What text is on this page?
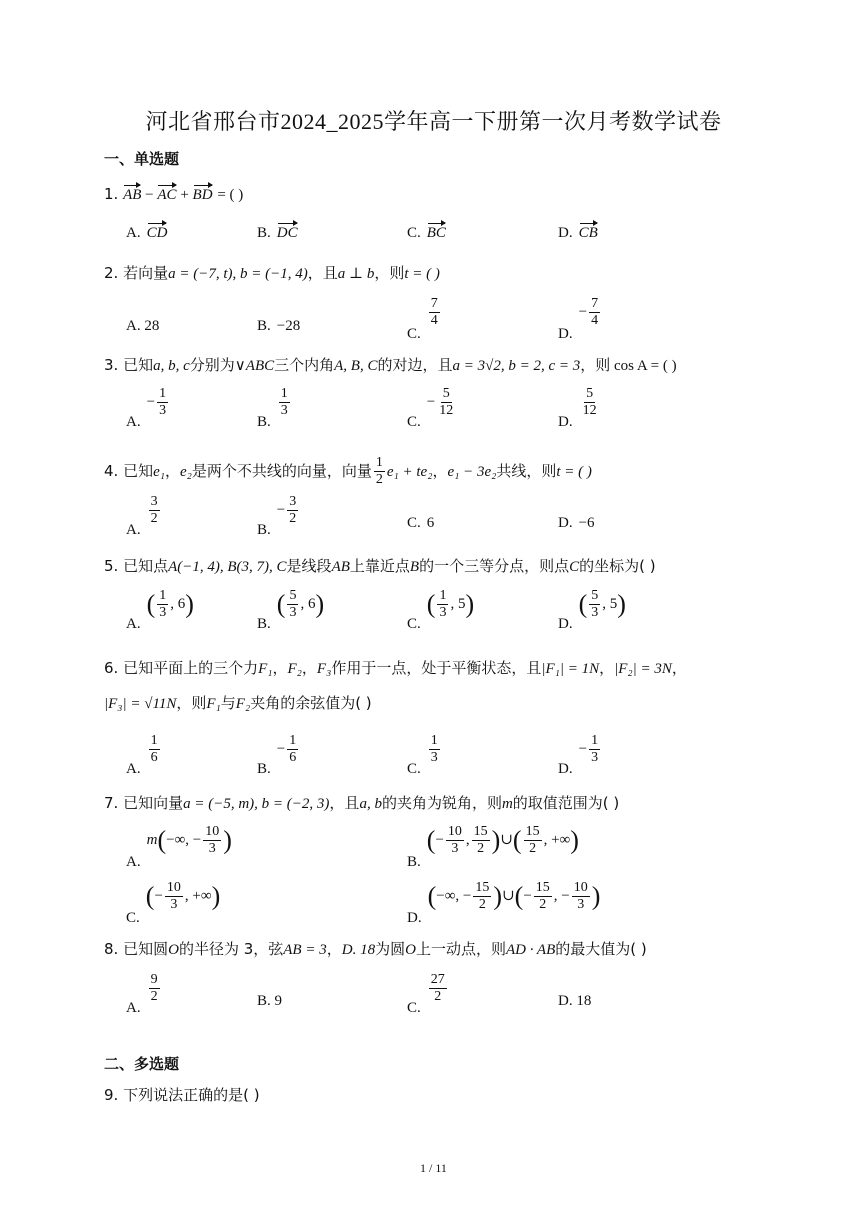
河北省邢台市2024_2025学年高一下册第一次月考数学试卷
一、单选题
1. AB − AC + BD = ( )
A. CD	B. DC	C. BC	D. CB
2. 若向量a = (−7, t), b = (−1, 4)，且a ⊥ b，则t = ( )
A. 28	B. −28	C.
$\frac{7}{4}$
$D.- \frac{7}{4}$
3. 已知a, b, c分别为∨ABC三个内角A, B, C的对边，且a = 3√2, b = 2, c = 3，则 cos A = ( )
$A.- \frac{1}{3}$
B.
$\frac{1}{3}$
$C.- \frac{5}{12}$
D.
$\frac{5}{12}$
4. 已知e₁，e₂是两个不共线的向量，向量 $\frac{1}{2} e_1 + te_2$，e₁ − 3e₂共线，则t = ( )
A.
$\frac{3}{2}$
$B.- \frac{3}{2}$	C. 6	D. −6
5. 已知点A(−1, 4), B(3, 7), C是线段AB上靠近点B的一个三等分点，则点C的坐标为( )
$A.( \frac{1}{3}$ , 6)
$B.( \frac{5}{3}$ , 6)
$C.( \frac{1}{3}$ , 5)
$D.( \frac{5}{3}$ , 5)
6. 已知平面上的三个力F₁，F₂，F₃作用于一点，处于平衡状态，且|F₁| = 1N，|F₂| = 3N，
|F₃| = √11N，则F₁与F₂夹角的余弦值为( )
A.
$\frac{1}{6}$
$B.- \frac{1}{6}$
C.
$\frac{1}{3}$
$D.- \frac{1}{3}$
7. 已知向量a = (−5, m), b = (−2, 3)，且a, b的夹角为锐角，则m的取值范围为( )
A.m(−∞, − $\frac{10}{3}$ )
$B.(- \frac{10}{3}$ , $\frac{15}{2}$ )∪( $\frac{15}{2}$ , +∞)
$C.(- \frac{10}{3}$ , +∞)
D.(−∞, − $\frac{15}{2}$ )∪(− $\frac{15}{2}$ , − $\frac{10}{3}$ )
8. 已知圆O的半径为 3，弦AB = 3，D. 18为圆O上一动点，则AD · AB的最大值为( )
A.
$\frac{9}{2}$	B. 9	C.
$\frac{27}{2}$	D. 18
二、多选题
9. 下列说法正确的是( )
1 / 11
